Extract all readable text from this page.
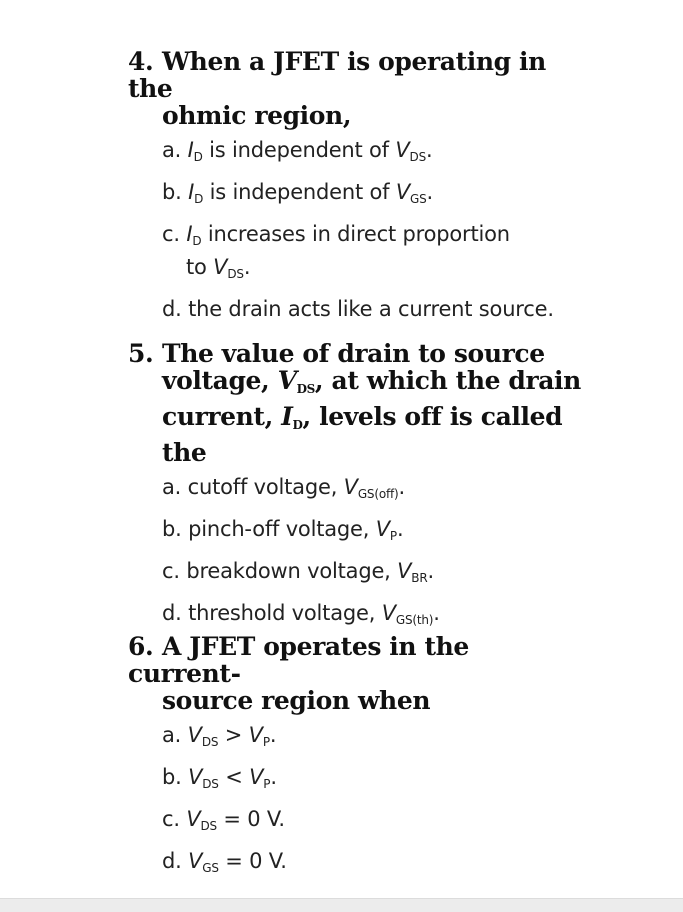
4. When a JFET is operating in the
ohmic region,
a. $I_D$ is independent of $V_{DS}$.
b. $I_D$ is independent of $V_{GS}$.
c. $I_D$ increases in direct proportion
to $V_{DS}$.
d. the drain acts like a current source.
5. The value of drain to source
voltage, $V_{DS}$, at which the drain
current, $I_D$, levels off is called the
a. cutoff voltage, $V_{GS(off)}$.
b. pinch-off voltage, $V_P$.
c. breakdown voltage, $V_{BR}$.
d. threshold voltage, $V_{GS(th)}$.
6. A JFET operates in the current-
source region when
a. $V_{DS} > V_P$.
b. $V_{DS} < V_P$.
c. $V_{DS} = 0$ V.
d. $V_{GS} = 0$ V.
